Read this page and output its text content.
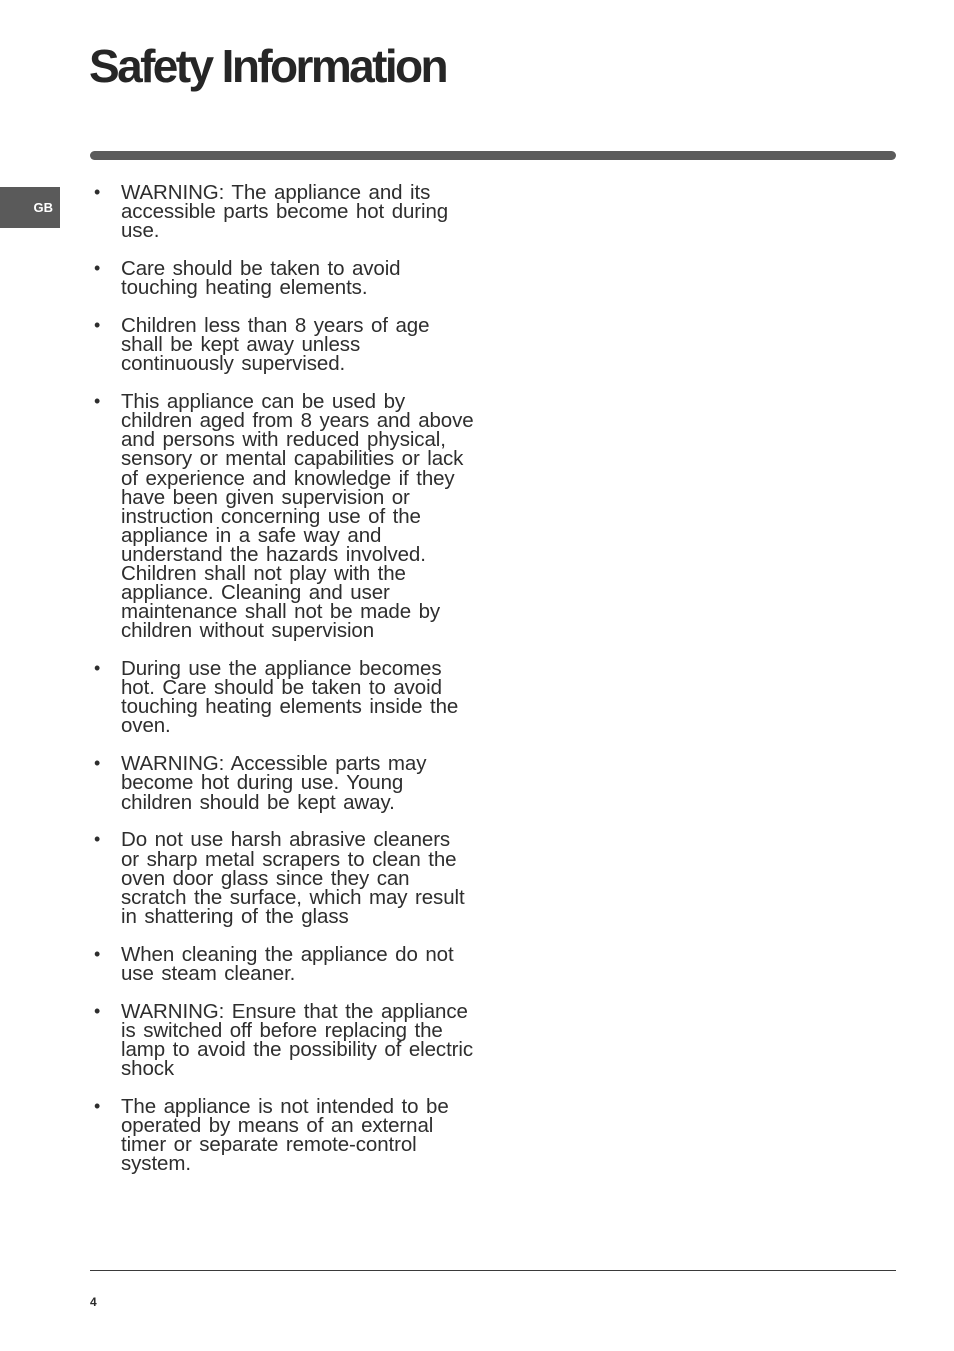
Safety Information
GB
• WARNING: The appliance and its accessible parts become hot during use.
• Care should be taken to avoid touching heating elements.
• Children less than 8 years of age shall be kept away unless continuously supervised.
• This appliance can be used by children aged from 8 years and above and persons with reduced physical, sensory or mental capabilities or lack of experience and knowledge if they have been given supervision or instruction concerning use of the appliance in a safe way and understand the hazards involved. Children shall not play with the appliance. Cleaning and user maintenance shall not be made by children without supervision
• During use the appliance becomes hot. Care should be taken to avoid touching heating elements inside the oven.
• WARNING: Accessible parts may become hot during use. Young children should be kept away.
• Do not use harsh abrasive cleaners or sharp metal scrapers to clean the oven door glass since they can scratch the surface, which may result in shattering of the glass
• When cleaning the appliance do not use steam cleaner.
• WARNING: Ensure that the appliance is switched off before replacing the lamp to avoid the possibility of electric shock
• The appliance is not intended to be operated by means of an external timer or separate remote-control system.
4
